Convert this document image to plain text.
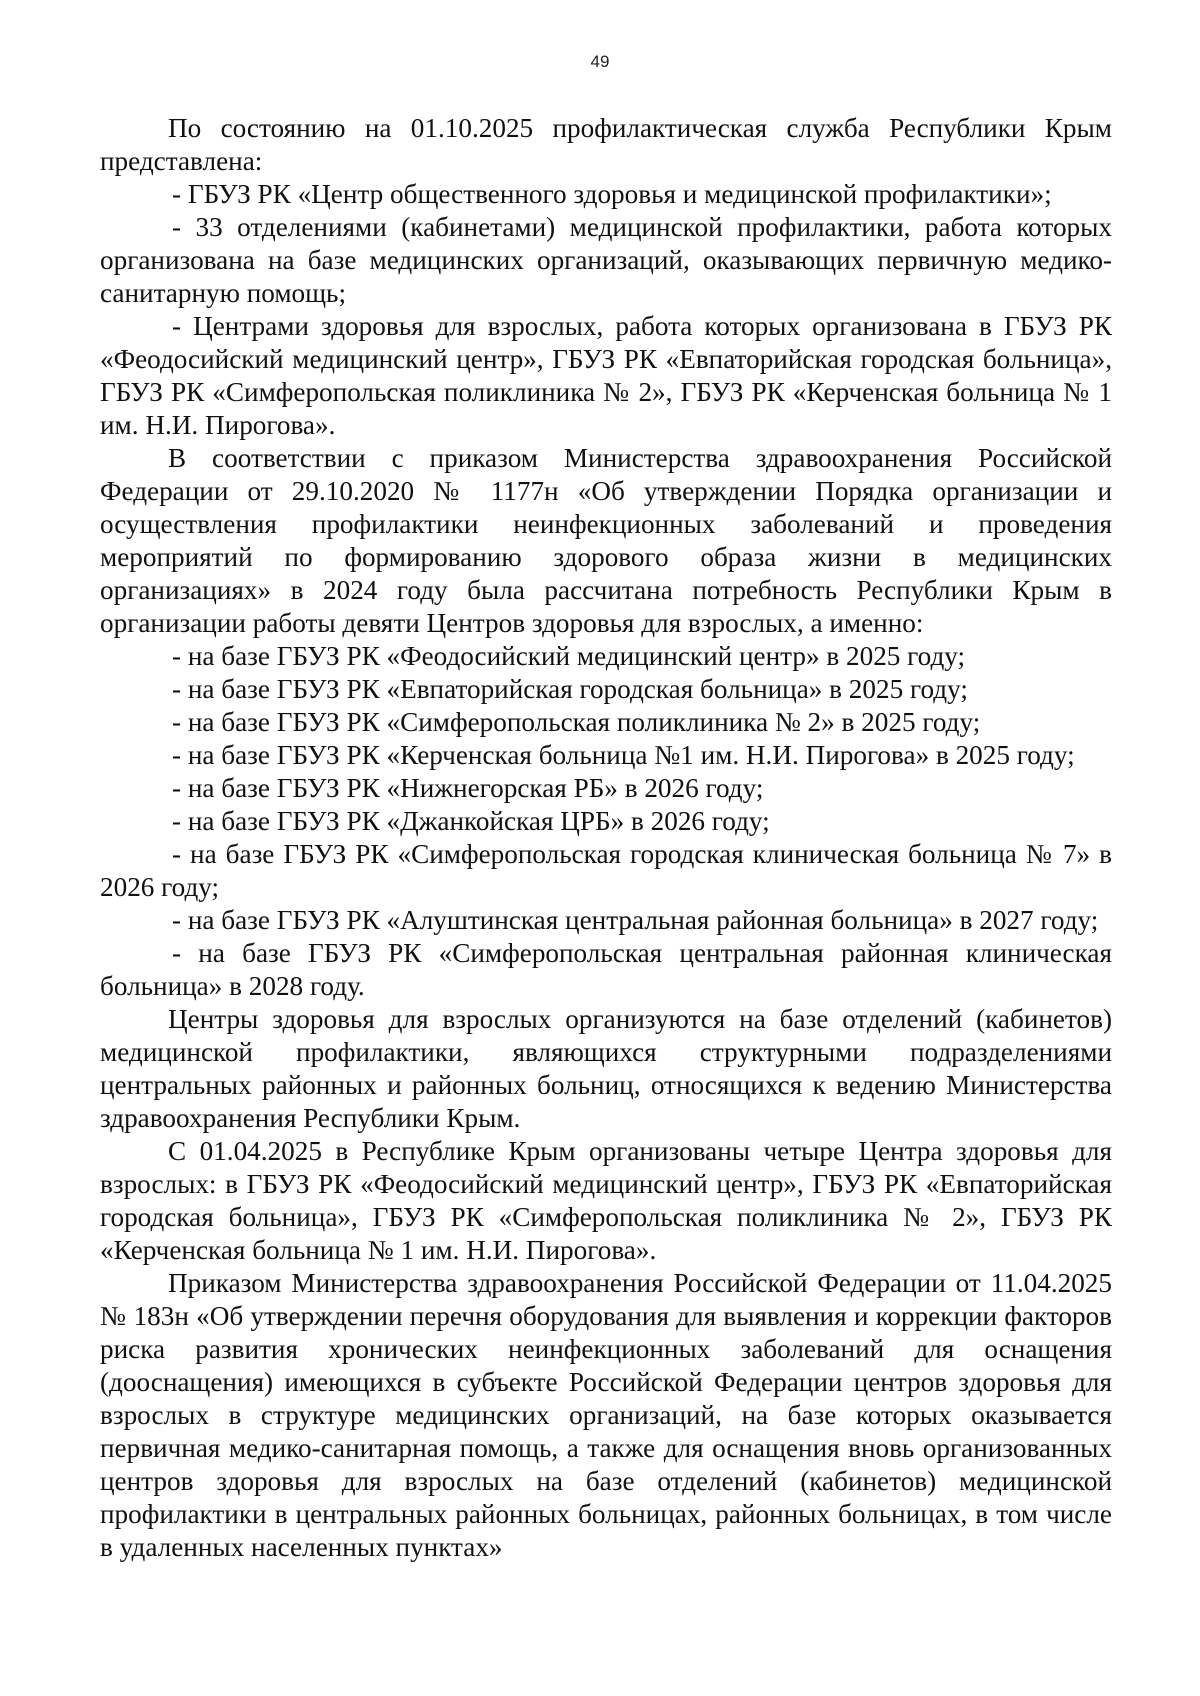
49

По состоянию на 01.10.2025 профилактическая служба Республики Крым представлена:

- ГБУЗ РК «Центр общественного здоровья и медицинской профилактики»;

- 33 отделениями (кабинетами) медицинской профилактики, работа которых организована на базе медицинских организаций, оказывающих первичную медико-санитарную помощь;

- Центрами здоровья для взрослых, работа которых организована в ГБУЗ РК «Феодосийский медицинский центр», ГБУЗ РК «Евпаторийская городская больница», ГБУЗ РК «Симферопольская поликлиника № 2», ГБУЗ РК «Керченская больница № 1 им. Н.И. Пирогова».

В соответствии с приказом Министерства здравоохранения Российской Федерации от 29.10.2020 № 1177н «Об утверждении Порядка организации и осуществления профилактики неинфекционных заболеваний и проведения мероприятий по формированию здорового образа жизни в медицинских организациях» в 2024 году была рассчитана потребность Республики Крым в организации работы девяти Центров здоровья для взрослых, а именно:

- на базе ГБУЗ РК «Феодосийский медицинский центр» в 2025 году;

- на базе ГБУЗ РК «Евпаторийская городская больница» в 2025 году;

- на базе ГБУЗ РК «Симферопольская поликлиника № 2» в 2025 году;

- на базе ГБУЗ РК «Керченская больница №1 им. Н.И. Пирогова» в 2025 году;

- на базе ГБУЗ РК «Нижнегорская РБ» в 2026 году;

- на базе ГБУЗ РК «Джанкойская ЦРБ» в 2026 году;

- на базе ГБУЗ РК «Симферопольская городская клиническая больница № 7» в 2026 году;

- на базе ГБУЗ РК «Алуштинская центральная районная больница» в 2027 году;

- на базе ГБУЗ РК «Симферопольская центральная районная клиническая больница» в 2028 году.

Центры здоровья для взрослых организуются на базе отделений (кабинетов) медицинской профилактики, являющихся структурными подразделениями центральных районных и районных больниц, относящихся к ведению Министерства здравоохранения Республики Крым.

С 01.04.2025 в Республике Крым организованы четыре Центра здоровья для взрослых: в ГБУЗ РК «Феодосийский медицинский центр», ГБУЗ РК «Евпаторийская городская больница», ГБУЗ РК «Симферопольская поликлиника № 2», ГБУЗ РК «Керченская больница № 1 им. Н.И. Пирогова».

Приказом Министерства здравоохранения Российской Федерации от 11.04.2025 № 183н «Об утверждении перечня оборудования для выявления и коррекции факторов риска развития хронических неинфекционных заболеваний для оснащения (дооснащения) имеющихся в субъекте Российской Федерации центров здоровья для взрослых в структуре медицинских организаций, на базе которых оказывается первичная медико-санитарная помощь, а также для оснащения вновь организованных центров здоровья для взрослых на базе отделений (кабинетов) медицинской профилактики в центральных районных больницах, районных больницах, в том числе в удаленных населенных пунктах»
